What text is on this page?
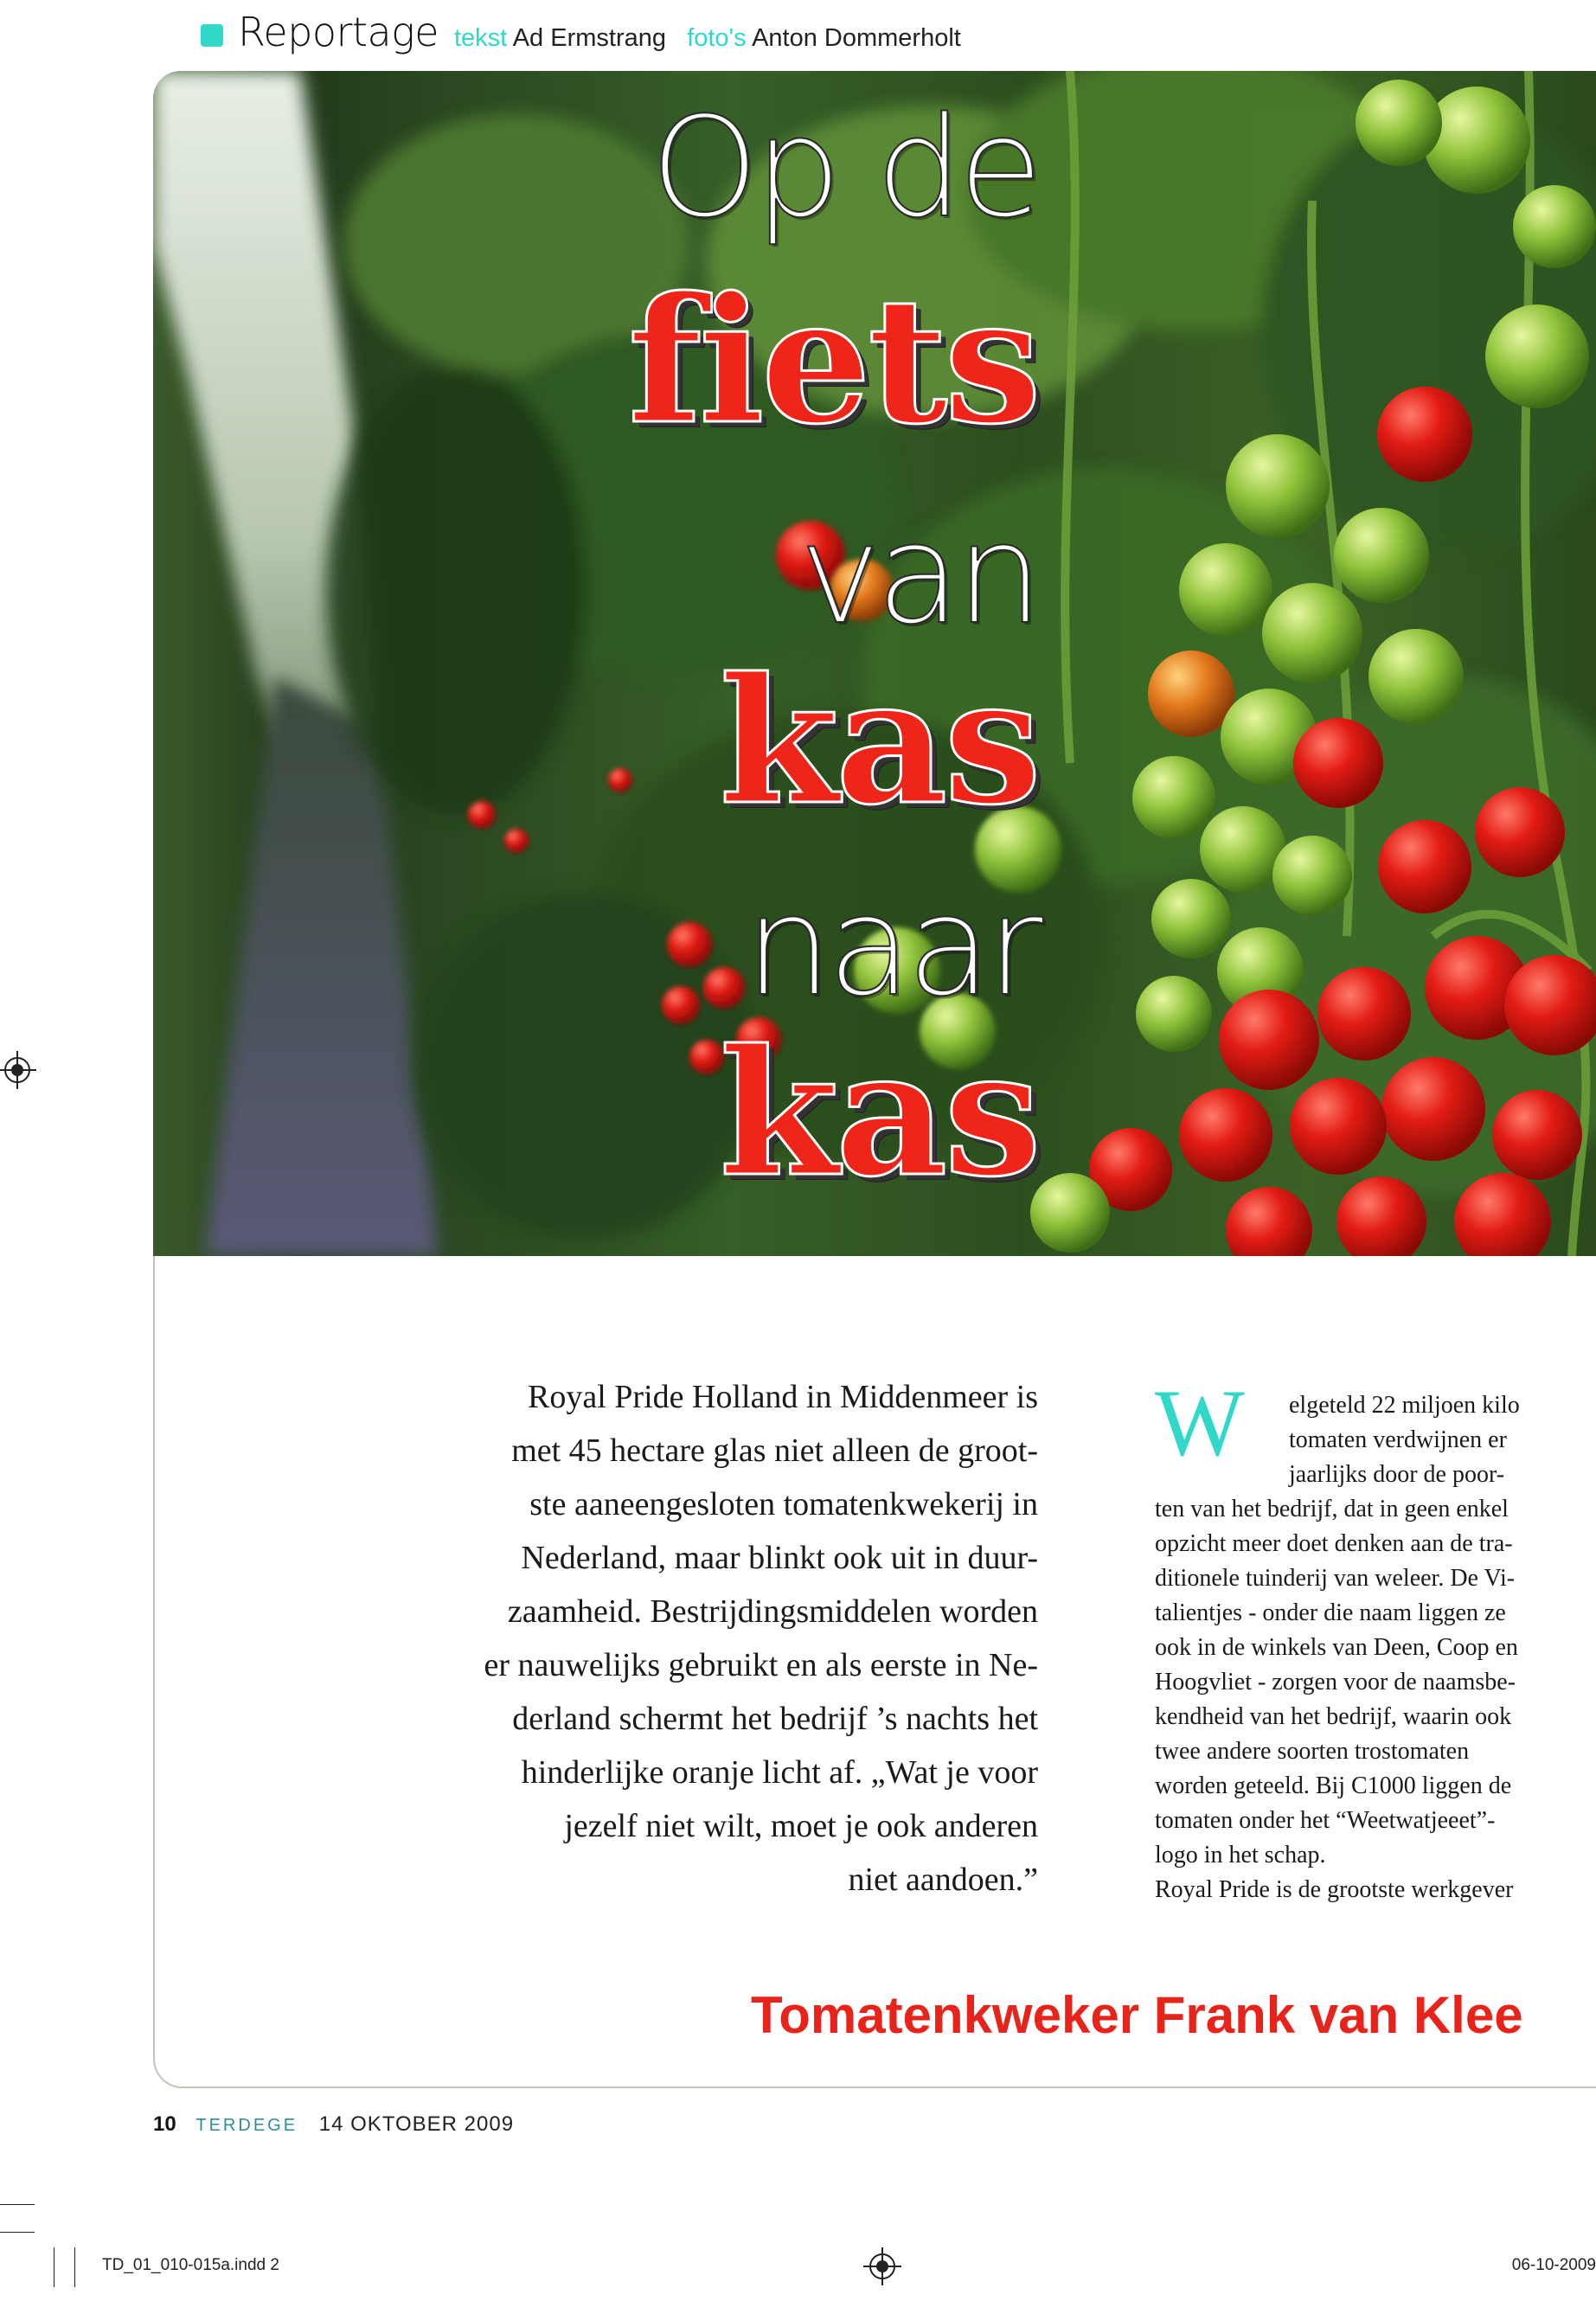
Reportage tekst Ad Ermstrang foto's Anton Dommerholt
Op de
fiets
van
kas
naar
kas
Royal Pride Holland in Middenmeer is
met 45 hectare glas niet alleen de groot-
ste aaneengesloten tomatenkwekerij in
Nederland, maar blinkt ook uit in duur-
zaamheid. Bestrijdingsmiddelen worden
er nauwelijks gebruikt en als eerste in Ne-
derland schermt het bedrijf ’s nachts het
hinderlijke oranje licht af. „Wat je voor
jezelf niet wilt, moet je ook anderen
niet aandoen.”
W	elgeteld 22 miljoen kilo
tomaten verdwijnen er
jaarlijks door de poor-
ten van het bedrijf, dat in geen enkel
opzicht meer doet denken aan de tra-
ditionele tuinderij van weleer. De Vi-
talientjes - onder die naam liggen ze
ook in de winkels van Deen, Coop en
Hoogvliet - zorgen voor de naamsbe-
kendheid van het bedrijf, waarin ook
twee andere soorten trostomaten
worden geteeld. Bij C1000 liggen de
tomaten onder het “Weetwatjeeet”-
logo in het schap.
Royal Pride is de grootste werkgever
Tomatenkweker Frank van Klee
10 TERDEGE 14 OKTOBER 2009
TD_01_010-015a.indd 2	06-10-2009
